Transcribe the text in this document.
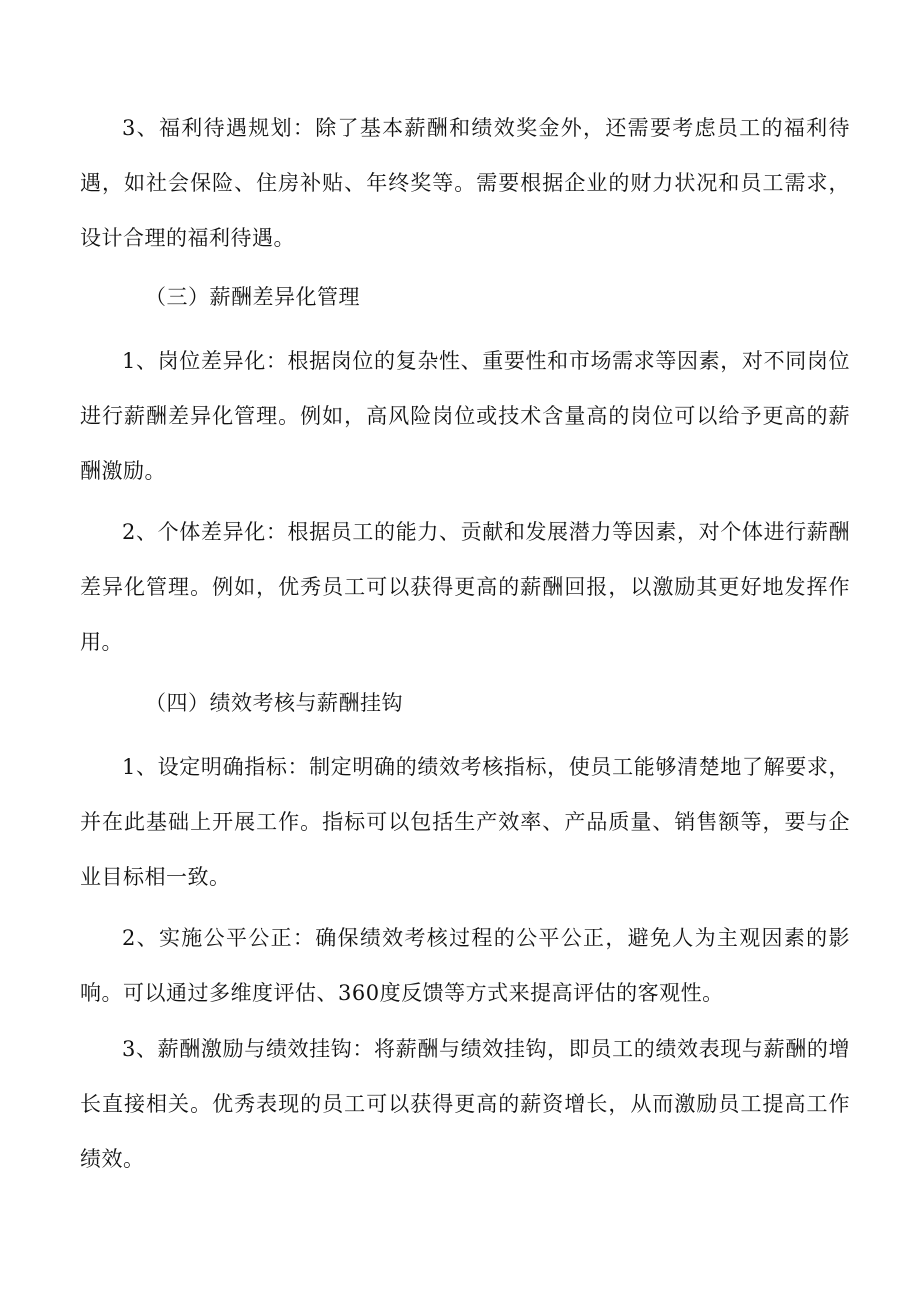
3、福利待遇规划：除了基本薪酬和绩效奖金外，还需要考虑员工的福利待遇，如社会保险、住房补贴、年终奖等。需要根据企业的财力状况和员工需求，设计合理的福利待遇。

（三）薪酬差异化管理

1、岗位差异化：根据岗位的复杂性、重要性和市场需求等因素，对不同岗位进行薪酬差异化管理。例如，高风险岗位或技术含量高的岗位可以给予更高的薪酬激励。

2、个体差异化：根据员工的能力、贡献和发展潜力等因素，对个体进行薪酬差异化管理。例如，优秀员工可以获得更高的薪酬回报，以激励其更好地发挥作用。

（四）绩效考核与薪酬挂钩

1、设定明确指标：制定明确的绩效考核指标，使员工能够清楚地了解要求，并在此基础上开展工作。指标可以包括生产效率、产品质量、销售额等，要与企业目标相一致。

2、实施公平公正：确保绩效考核过程的公平公正，避免人为主观因素的影响。可以通过多维度评估、360度反馈等方式来提高评估的客观性。

3、薪酬激励与绩效挂钩：将薪酬与绩效挂钩，即员工的绩效表现与薪酬的增长直接相关。优秀表现的员工可以获得更高的薪资增长，从而激励员工提高工作绩效。
